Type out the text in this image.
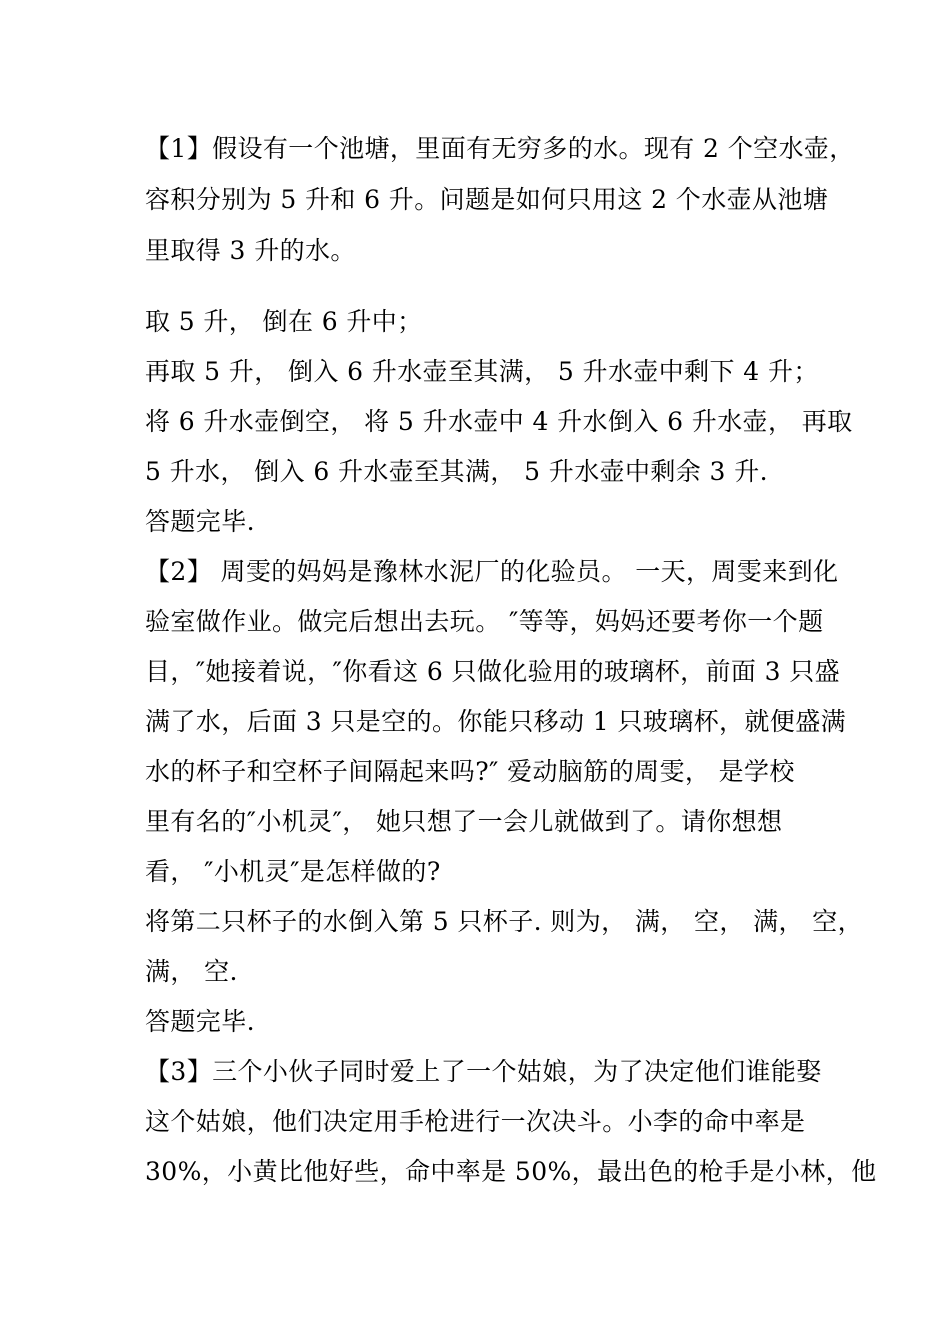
【1】假设有一个池塘，里面有无穷多的水。现有 2 个空水壶，
容积分别为 5 升和 6 升。问题是如何只用这 2 个水壶从池塘
里取得 3 升的水。
取 5 升， 倒在 6 升中；
再取 5 升， 倒入 6 升水壶至其满， 5 升水壶中剩下 4 升；
将 6 升水壶倒空， 将 5 升水壶中 4 升水倒入 6 升水壶， 再取
5 升水， 倒入 6 升水壶至其满， 5 升水壶中剩余 3 升.
答题完毕.
【2】 周雯的妈妈是豫林水泥厂的化验员。 一天，周雯来到化
验室做作业。做完后想出去玩。 ″等等，妈妈还要考你一个题
目，″她接着说，″你看这 6 只做化验用的玻璃杯，前面 3 只盛
满了水，后面 3 只是空的。你能只移动 1 只玻璃杯，就便盛满
水的杯子和空杯子间隔起来吗?″ 爱动脑筋的周雯， 是学校
里有名的″小机灵″， 她只想了一会儿就做到了。请你想想
看， ″小机灵″是怎样做的?
将第二只杯子的水倒入第 5 只杯子. 则为， 满， 空， 满， 空，
满， 空.
答题完毕.
【3】三个小伙子同时爱上了一个姑娘，为了决定他们谁能娶
这个姑娘，他们决定用手枪进行一次决斗。小李的命中率是
30%，小黄比他好些，命中率是 50%，最出色的枪手是小林，他
